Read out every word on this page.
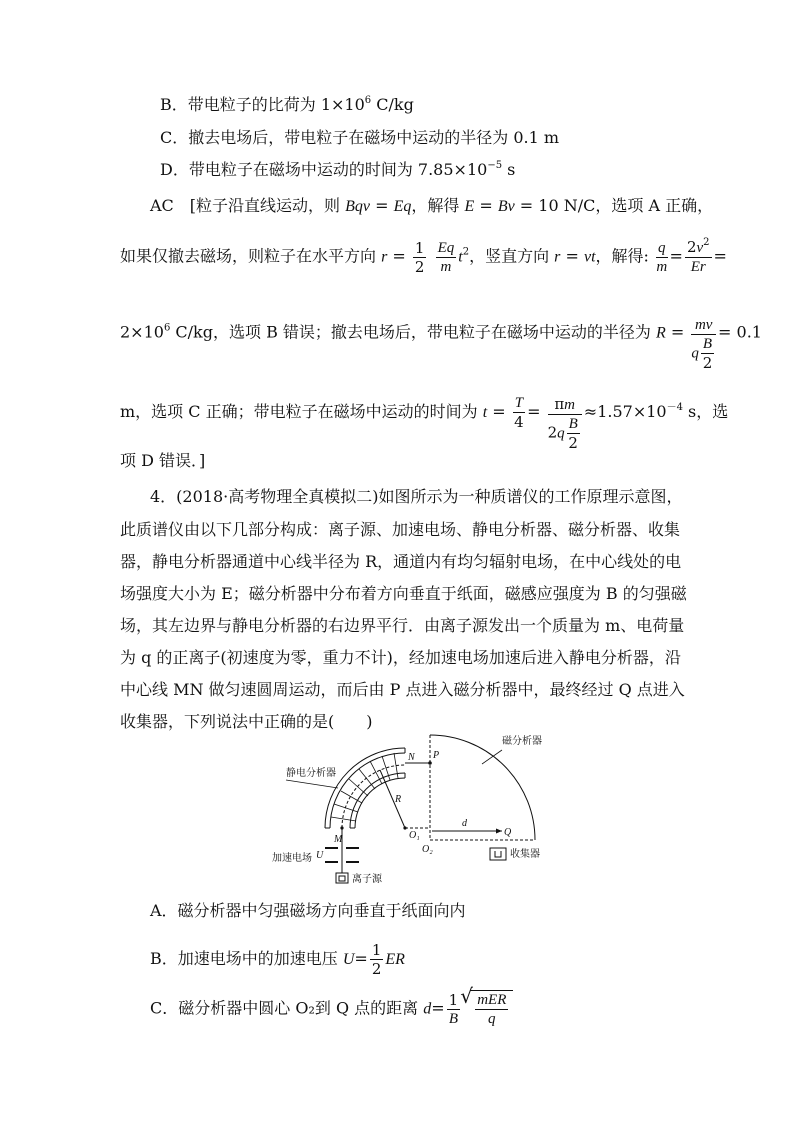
B．带电粒子的比荷为 $1\times 10^6$ C/kg
C．撤去电场后，带电粒子在磁场中运动的半径为 0.1 m
D．带电粒子在磁场中运动的时间为 $7.85\times 10^{-5}$ s
AC　[粒子沿直线运动，则 Bqv = Eq，解得 E = Bv = 10 N/C，选项 A 正确，
如果仅撤去磁场，则粒子在水平方向 $r = \frac{1}{2}$
$\frac{Eq}{m} t^2$，竖直方向 r = vt，解得: $\frac{q}{m} = \frac{2v^2}{Er}$ =
$2\times 10^6$ C/kg，选项 B 错误；撤去电场后，带电粒子在磁场中运动的半径为 $R = \frac{mv}{q \frac{B}{2}} = 0.1$
m，选项 C 正确；带电粒子在磁场中运动的时间为 $t = \frac{T}{4} = \frac{\pi m}{2q \frac{B}{2}} \approx 1.57\times 10^{-4}$ s，选
项 D 错误．]
4．(2018·高考物理全真模拟二)如图所示为一种质谱仪的工作原理示意图，
此质谱仪由以下几部分构成：离子源、加速电场、静电分析器、磁分析器、收集
器，静电分析器通道中心线半径为 R，通道内有均匀辐射电场，在中心线处的电
场强度大小为 E；磁分析器中分布着方向垂直于纸面，磁感应强度为 B 的匀强磁
场，其左边界与静电分析器的右边界平行．由离子源发出一个质量为 m、电荷量
为 q 的正离子(初速度为零，重力不计)，经加速电场加速后进入静电分析器，沿
中心线 MN 做匀速圆周运动，而后由 P 点进入磁分析器中，最终经过 Q 点进入
收集器，下列说法中正确的是(　　)
静电分析器
磁分析器
加速电场
离子源
收集器
N P
R
O₁
O₂
d
Q
M
U
A．磁分析器中匀强磁场方向垂直于纸面向内
B．加速电场中的加速电压 $U= \frac{1}{2}$ ER
C．磁分析器中圆心 O₂到 Q 点的距离 $d= \frac{1}{B}$
√ $\frac{\text{mER}}{q}$
